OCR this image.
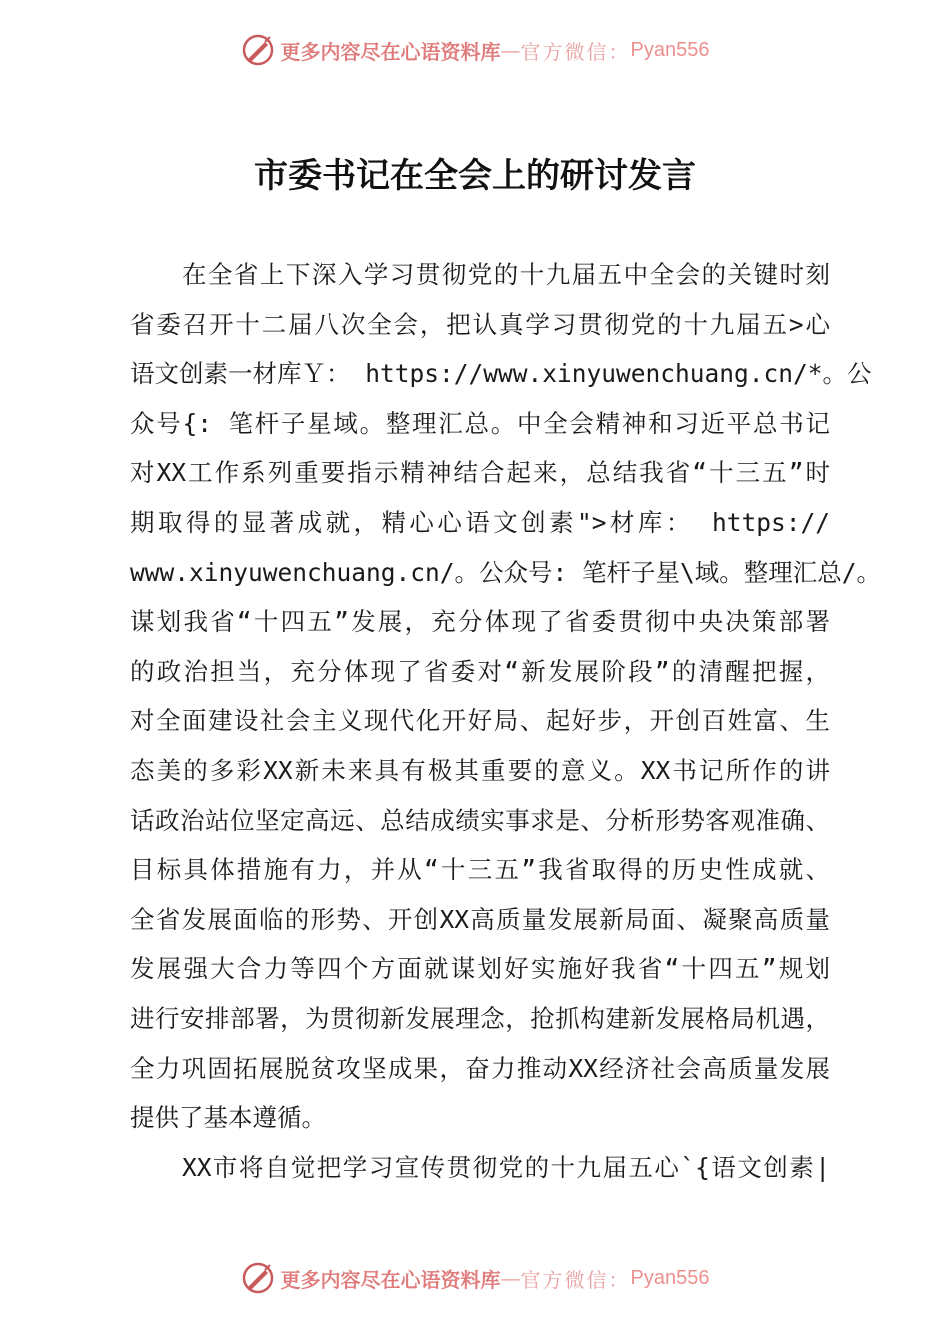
更多内容尽在心语资料库 — 官方微信： Pyan556
市委书记在全会上的研讨发言
　　在全省上下深入学习贯彻党的十九届五中全会的关键时刻
省委召开十二届八次全会，把认真学习贯彻党的十九届五>心
语文创素一材库Ｙ： https://www.xinyuwenchuang.cn/*。公
众号{: 笔杆子星域。整理汇总。中全会精神和习近平总书记
对XX工作系列重要指示精神结合起来，总结我省“十三五”时
期取得的显著成就，精心心语文创素">材库： https://
www.xinyuwenchuang.cn/。公众号: 笔杆子星\域。整理汇总/。
谋划我省“十四五”发展，充分体现了省委贯彻中央决策部署
的政治担当，充分体现了省委对“新发展阶段”的清醒把握，
对全面建设社会主义现代化开好局、起好步，开创百姓富、生
态美的多彩XX新未来具有极其重要的意义。XX书记所作的讲
话政治站位坚定高远、总结成绩实事求是、分析形势客观准确、
目标具体措施有力，并从“十三五”我省取得的历史性成就、
全省发展面临的形势、开创XX高质量发展新局面、凝聚高质量
发展强大合力等四个方面就谋划好实施好我省“十四五”规划
进行安排部署，为贯彻新发展理念，抢抓构建新发展格局机遇，
全力巩固拓展脱贫攻坚成果，奋力推动XX经济社会高质量发展
提供了基本遵循。
　　XX市将自觉把学习宣传贯彻党的十九届五心`{语文创素|
更多内容尽在心语资料库 — 官方微信： Pyan556
